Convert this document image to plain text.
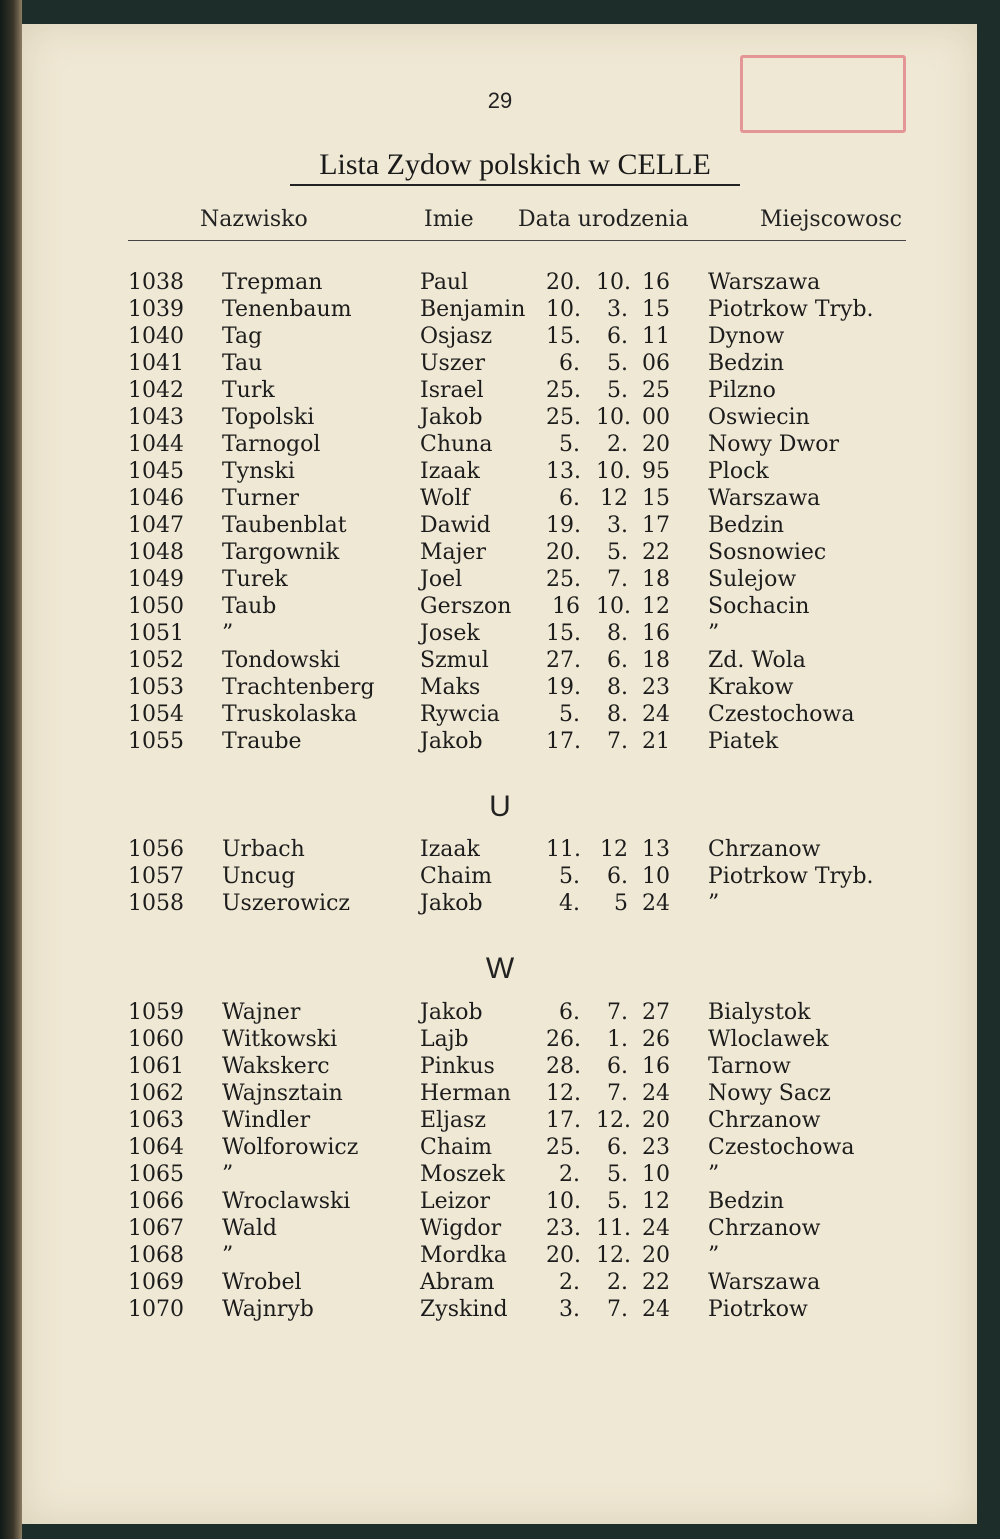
29
Lista Zydow polskich w CELLE
Nazwisko	Imie Data urodzenia	Miejscowosc
1038 Trepman	Paul	20. 10. 16 Warszawa
1039 Tenenbaum	Benjamin 10.	3. 15 Piotrkow Tryb.
1040 Tag	Osjasz 15.	6. 11 Dynow
1041 Tau	Uszer	6.	5. 06 Bedzin
1042 Turk	Israel	25.	5. 25 Pilzno
1043 Topolski	Jakob	25. 10. 00 Oswiecin
1044 Tarnogol	Chuna	5.	2. 20 Nowy Dwor
1045 Tynski	Izaak	13. 10. 95 Plock
1046 Turner	Wolf	6. 12 15 Warszawa
1047 Taubenblat	Dawid	19.	3. 17 Bedzin
1048 Targownik	Majer	20.	5. 22 Sosnowiec
1049 Turek	Joel	25.	7. 18 Sulejow
1050 Taub	Gerszon 16 10. 12 Sochacin
1051 ”	Josek	15.	8. 16 ”
1052 Tondowski	Szmul	27.	6. 18 Zd. Wola
1053 Trachtenberg Maks	19.	8. 23 Krakow
1054 Truskolaska	Rywcia	5.	8. 24 Czestochowa
1055 Traube	Jakob	17.	7. 21 Piatek
U
1056 Urbach	Izaak	11. 12 13 Chrzanow
1057 Uncug	Chaim	5.	6. 10 Piotrkow Tryb.
1058 Uszerowicz	Jakob	4.	5 24 ”
W
1059 Wajner	Jakob	6.	7. 27 Bialystok
1060 Witkowski	Lajb	26.	1. 26 Wloclawek
1061 Wakskerc	Pinkus 28.	6. 16 Tarnow
1062 Wajnsztain	Herman 12.	7. 24 Nowy Sacz
1063 Windler	Eljasz	17. 12. 20 Chrzanow
1064 Wolforowicz	Chaim 25.	6. 23 Czestochowa
1065 ”	Moszek	2.	5. 10 ”
1066 Wroclawski	Leizor	10.	5. 12 Bedzin
1067 Wald	Wigdor 23. 11. 24 Chrzanow
1068 ”	Mordka 20. 12. 20 ”
1069 Wrobel	Abram	2.	2. 22 Warszawa
1070 Wajnryb	Zyskind	3.	7. 24 Piotrkow
